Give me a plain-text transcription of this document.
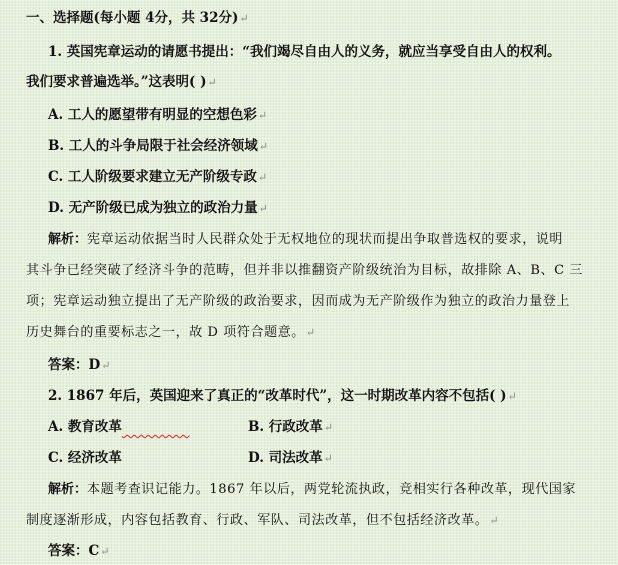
一、选择题(每小题 4分，共 32分)↵
1. 英国宪章运动的请愿书提出：“我们竭尽自由人的义务，就应当享受自由人的权利。
我们要求普遍选举。”这表明( )↵
A. 工人的愿望带有明显的空想色彩↵
B. 工人的斗争局限于社会经济领域↵
C. 工人阶级要求建立无产阶级专政↵
D. 无产阶级已成为独立的政治力量↵
解析：宪章运动依据当时人民群众处于无权地位的现状而提出争取普选权的要求，说明
其斗争已经突破了经济斗争的范畴，但并非以推翻资产阶级统治为目标，故排除 A、B、C 三
项；宪章运动独立提出了无产阶级的政治要求，因而成为无产阶级作为独立的政治力量登上
历史舞台的重要标志之一，故 D 项符合题意。↵
答案：D↵
2. 1867 年后，英国迎来了真正的“改革时代”，这一时期改革内容不包括( )↵
A. 教育改革     	B. 行政改革↵
C. 经济改革	D. 司法改革↵
解析：本题考查识记能力。1867 年以后，两党轮流执政，竞相实行各种改革，现代国家
制度逐渐形成，内容包括教育、行政、军队、司法改革，但不包括经济改革。↵
答案：C↵
